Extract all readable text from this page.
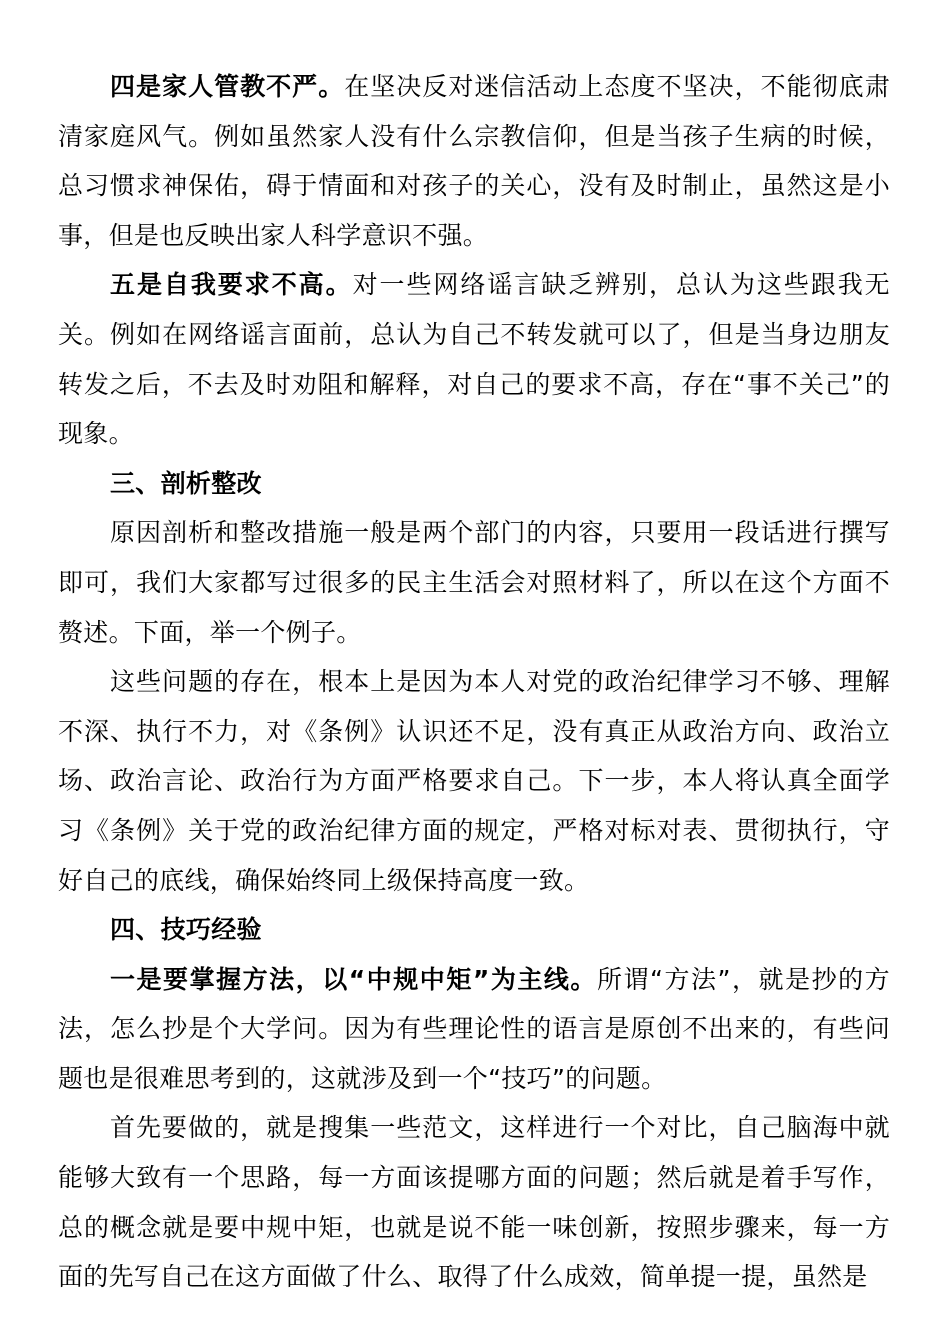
四是家人管教不严。在坚决反对迷信活动上态度不坚决，不能彻底肃清家庭风气。例如虽然家人没有什么宗教信仰，但是当孩子生病的时候，总习惯求神保佑，碍于情面和对孩子的关心，没有及时制止，虽然这是小事，但是也反映出家人科学意识不强。

五是自我要求不高。对一些网络谣言缺乏辨别，总认为这些跟我无关。例如在网络谣言面前，总认为自己不转发就可以了，但是当身边朋友转发之后，不去及时劝阻和解释，对自己的要求不高，存在“事不关己”的现象。

三、剖析整改

原因剖析和整改措施一般是两个部门的内容，只要用一段话进行撰写即可，我们大家都写过很多的民主生活会对照材料了，所以在这个方面不赘述。下面，举一个例子。

这些问题的存在，根本上是因为本人对党的政治纪律学习不够、理解不深、执行不力，对《条例》认识还不足，没有真正从政治方向、政治立场、政治言论、政治行为方面严格要求自己。下一步，本人将认真全面学习《条例》关于党的政治纪律方面的规定，严格对标对表、贯彻执行，守好自己的底线，确保始终同上级保持高度一致。

四、技巧经验

一是要掌握方法，以“中规中矩”为主线。所谓“方法”，就是抄的方法，怎么抄是个大学问。因为有些理论性的语言是原创不出来的，有些问题也是很难思考到的，这就涉及到一个“技巧”的问题。

首先要做的，就是搜集一些范文，这样进行一个对比，自己脑海中就能够大致有一个思路，每一方面该提哪方面的问题；然后就是着手写作，总的概念就是要中规中矩，也就是说不能一味创新，按照步骤来，每一方面的先写自己在这方面做了什么、取得了什么成效，简单提一提，虽然是
